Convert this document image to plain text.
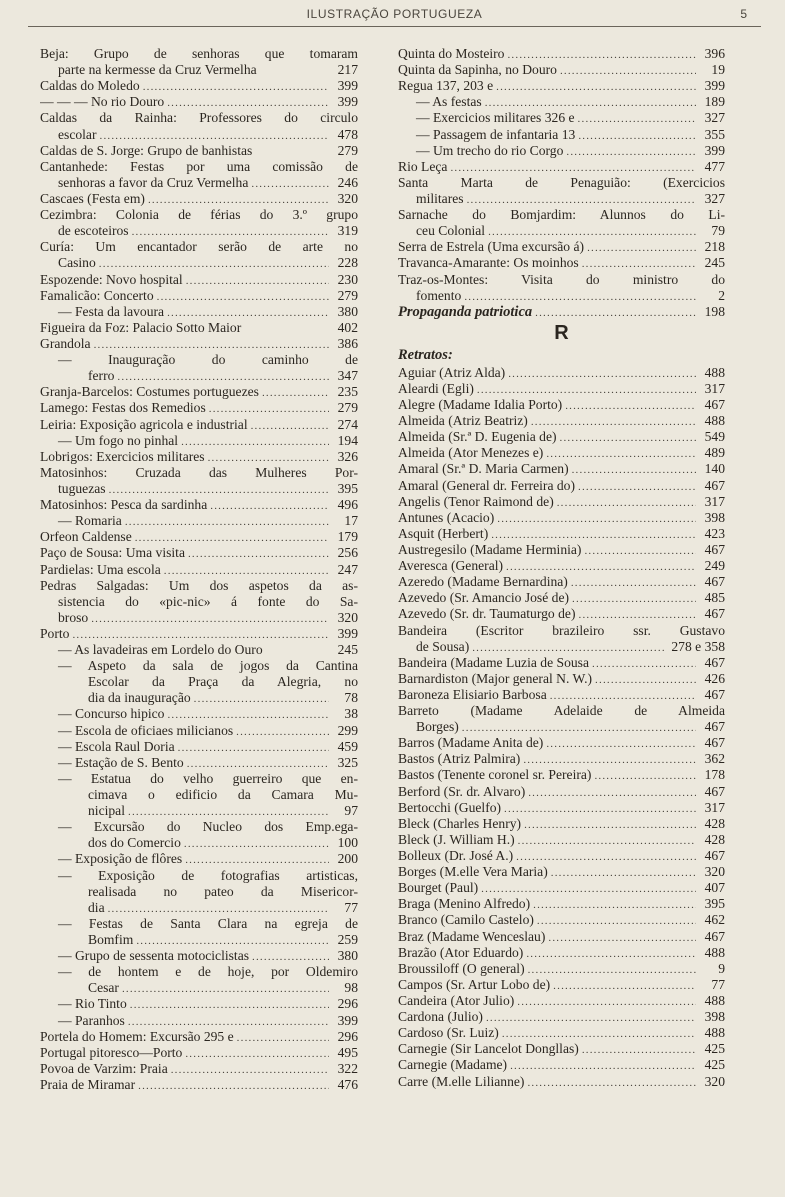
ILUSTRAÇÃO PORTUGUEZA	5
Beja: Grupo de senhoras que tomaram
parte na kermesse da Cruz Vermelha	217
Caldas do Moledo .....	399
— — — No rio Douro .....	399
Caldas da Rainha: Professores do circulo
escolar .....	478
Caldas de S. Jorge: Grupo de banhistas	279
Cantanhede: Festas por uma comissão de
senhoras a favor da Cruz Vermelha .....	246
Cascaes (Festa em) .....	320
Cezimbra: Colonia de férias do 3.º grupo
de escoteiros .....	319
Curía: Um encantador serão de arte no
Casino .....	228
Espozende: Novo hospital .....	230
Famalicão: Concerto .....	279
— Festa da lavoura .....	380
Figueira da Foz: Palacio Sotto Maior	402
Grandola .....	386
— Inauguração do caminho de
ferro .....	347
Granja-Barcelos: Costumes portuguezes .....	235
Lamego: Festas dos Remedios .....	279
Leiria: Exposição agricola e industrial .....	274
— Um fogo no pinhal .....	194
Lobrigos: Exercicios militares .....	326
Matosinhos: Cruzada das Mulheres Por-
tuguezas .....	395
Matosinhos: Pesca da sardinha .....	496
— Romaria .....	17
Orfeon Caldense .....	179
Paço de Sousa: Uma visita .....	256
Pardielas: Uma escola .....	247
Pedras Salgadas: Um dos aspetos da as-
sistencia do «pic-nic» á fonte do Sa-
broso .....	320
Porto .....	399
— As lavadeiras em Lordelo do Ouro	245
— Aspeto da sala de jogos da Cantina
Escolar da Praça da Alegria, no
dia da inauguração .....	78
— Concurso hipico .....	38
— Escola de oficiaes milicianos .....	299
— Escola Raul Doria .....	459
— Estação de S. Bento .....	325
— Estatua do velho guerreiro que en-
cimava o edificio da Camara Mu-
nicipal .....	97
— Excursão do Nucleo dos Emp.ega-
dos do Comercio .....	100
— Exposição de flôres .....	200
— Exposição de fotografias artisticas,
realisada no pateo da Misericor-
dia .....	77
— Festas de Santa Clara na egreja de
Bomfim .....	259
— Grupo de sessenta motociclistas .....	380
— de hontem e de hoje, por Oldemiro
Cesar .....	98
— Rio Tinto .....	296
— Paranhos .....	399
Portela do Homem: Excursão 295 e .....	296
Portugal pitoresco—Porto .....	495
Povoa de Varzim: Praia .....	322
Praia de Miramar .....	476
Quinta do Mosteiro .....	396
Quinta da Sapinha, no Douro .....	19
Regua 137, 203 e .....	399
— As festas .....	189
— Exercicios militares 326 e .....	327
— Passagem de infantaria 13 .....	355
— Um trecho do rio Corgo .....	399
Rio Leça .....	477
Santa Marta de Penaguião: (Exercicios
militares .....	327
Sarnache do Bomjardim: Alunnos do Li-
ceu Colonial .....	79
Serra de Estrela (Uma excursão á) .....	218
Travanca-Amarante: Os moinhos .....	245
Traz-os-Montes: Visita do ministro do
fomento .....	2
Propaganda patriotica .....	198
R
Retratos:
Aguiar (Atriz Alda) .....	488
Aleardi (Egli) .....	317
Alegre (Madame Idalia Porto) .....	467
Almeida (Atriz Beatriz) .....	488
Almeida (Sr.ª D. Eugenia de) .....	549
Almeida (Ator Menezes e) .....	489
Amaral (Sr.ª D. Maria Carmen) .....	140
Amaral (General dr. Ferreira do) .....	467
Angelis (Tenor Raimond de) .....	317
Antunes (Acacio) .....	398
Asquit (Herbert) .....	423
Austregesilo (Madame Herminia) .....	467
Averesca (General) .....	249
Azeredo (Madame Bernardina) .....	467
Azevedo (Sr. Amancio José de) .....	485
Azevedo (Sr. dr. Taumaturgo de) .....	467
Bandeira (Escritor brazileiro ssr. Gustavo
de Sousa) .....	278 e 358
Bandeira (Madame Luzia de Sousa .....	467
Barnardiston (Major general N. W.) .....	426
Baroneza Elisiario Barbosa .....	467
Barreto (Madame Adelaide de Almeida
Borges) .....	467
Barros (Madame Anita de) .....	467
Bastos (Atriz Palmira) .....	362
Bastos (Tenente coronel sr. Pereira) .....	178
Berford (Sr. dr. Alvaro) .....	467
Bertocchi (Guelfo) .....	317
Bleck (Charles Henry) .....	428
Bleck (J. William H.) .....	428
Bolleux (Dr. José A.) .....	467
Borges (M.elle Vera Maria) .....	320
Bourget (Paul) .....	407
Braga (Menino Alfredo) .....	395
Branco (Camilo Castelo) .....	462
Braz (Madame Wenceslau) .....	467
Brazão (Ator Eduardo) .....	488
Broussiloff (O general) .....	9
Campos (Sr. Artur Lobo de) .....	77
Candeira (Ator Julio) .....	488
Cardona (Julio) .....	398
Cardoso (Sr. Luiz) .....	488
Carnegie (Sir Lancelot Dongllas) .....	425
Carnegie (Madame) .....	425
Carre (M.elle Lilianne) .....	320
